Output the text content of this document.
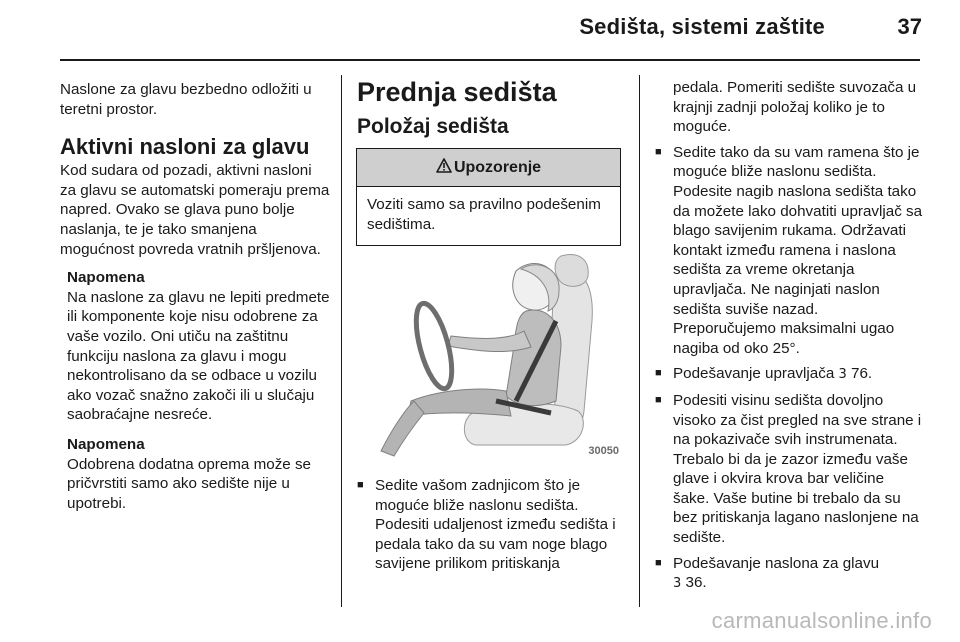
Sedišta, sistemi zaštite	37

Naslone za glavu bezbedno odložiti u teretni prostor.

Aktivni nasloni za glavu

Kod sudara od pozadi, aktivni nasloni za glavu se automatski pomeraju prema napred. Ovako se glava puno bolje naslanja, te je tako smanjena mogućnost povreda vratnih pršljenova.

Napomena

Na naslone za glavu ne lepiti predmete ili komponente koje nisu odobrene za vaše vozilo. Oni utiču na zaštitnu funkciju naslona za glavu i mogu nekontrolisano da se odbace u vozilu ako vozač snažno zakoči ili u slučaju saobraćajne nesreće.

Napomena

Odobrena dodatna oprema može se pričvrstiti samo ako sedište nije u upotrebi.

Prednja sedišta
Položaj sedišta
Upozorenje
Voziti samo sa pravilno podešenim sedištima.
30050
■ Sedite vašom zadnjicom što je moguće bliže naslonu sedišta. Podesiti udaljenost između sedišta i pedala tako da su vam noge blago savijene prilikom pritiskanja

pedala. Pomeriti sedište suvozača u krajnji zadnji položaj koliko je to moguće.

■ Sedite tako da su vam ramena što je moguće bliže naslonu sedišta. Podesite nagib naslona sedišta tako da možete lako dohvatiti upravljač sa blago savijenim rukama. Održavati kontakt između ramena i naslona sedišta za vreme okretanja upravljača. Ne naginjati naslon sedišta suviše nazad. Preporučujemo maksimalni ugao nagiba od oko 25°.
■ Podešavanje upravljača 3 76.
■ Podesiti visinu sedišta dovoljno visoko za čist pregled na sve strane i na pokazivače svih instrumenata. Trebalo bi da je zazor između vaše glave i okvira krova bar veličine šake. Vaše butine bi trebalo da su bez pritiskanja lagano naslonjene na sedište.
■ Podešavanje naslona za glavu
3 36.
carmanualsonline.info
